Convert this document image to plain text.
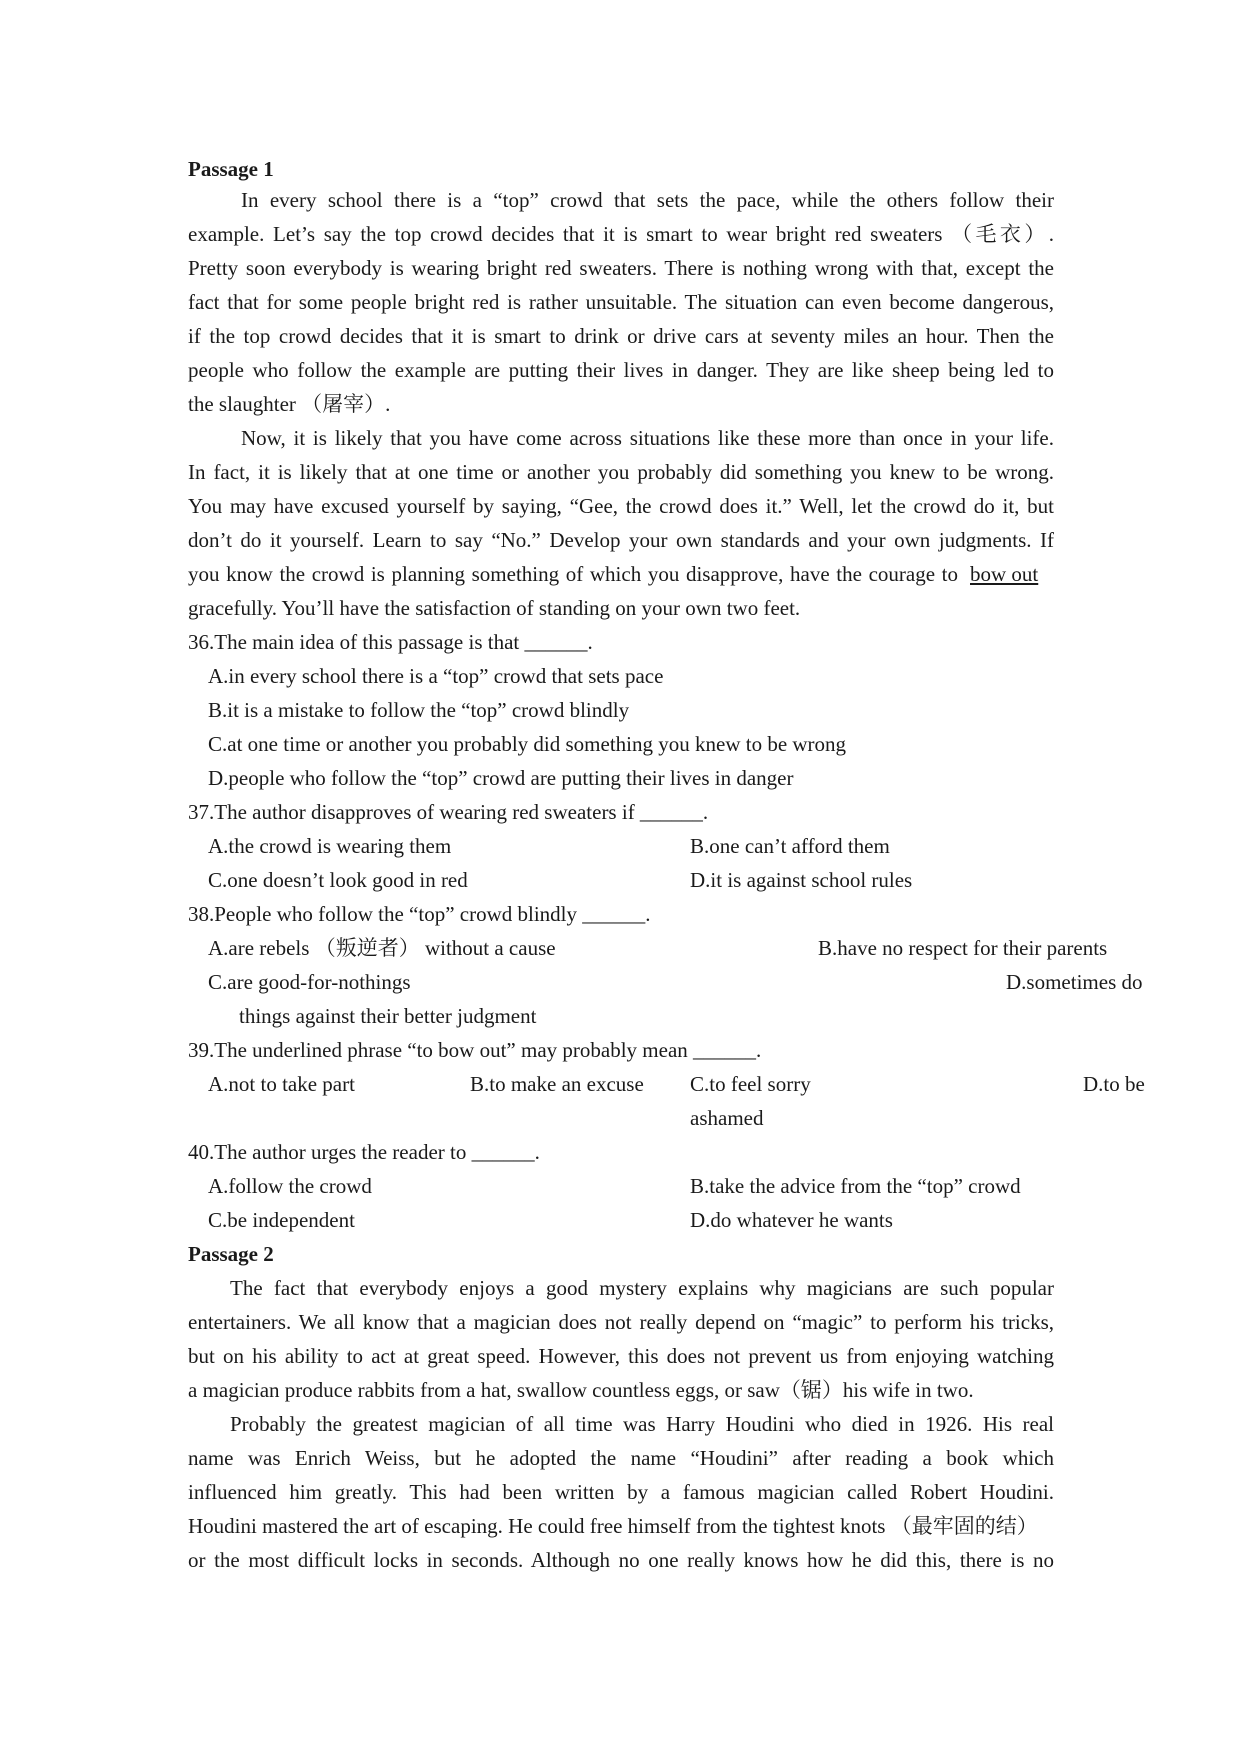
Passage 1
In every school there is a “top” crowd that sets the pace, while the others follow their
example. Let’s say the top crowd decides that it is smart to wear bright red sweaters （毛衣）.
Pretty soon everybody is wearing bright red sweaters. There is nothing wrong with that, except the
fact that for some people bright red is rather unsuitable. The situation can even become dangerous,
if the top crowd decides that it is smart to drink or drive cars at seventy miles an hour. Then the
people who follow the example are putting their lives in danger. They are like sheep being led to
the slaughter （屠宰）.
Now, it is likely that you have come across situations like these more than once in your life.
In fact, it is likely that at one time or another you probably did something you knew to be wrong.
You may have excused yourself by saying, “Gee, the crowd does it.” Well, let the crowd do it, but
don’t do it yourself. Learn to say “No.” Develop your own standards and your own judgments. If
you know the crowd is planning something of which you disapprove, have the courage to bow out
gracefully. You’ll have the satisfaction of standing on your own two feet.
36.The main idea of this passage is that ______.
A.in every school there is a “top” crowd that sets pace
B.it is a mistake to follow the “top” crowd blindly
C.at one time or another you probably did something you knew to be wrong
D.people who follow the “top” crowd are putting their lives in danger
37.The author disapproves of wearing red sweaters if ______.
A.the crowd is wearing them	B.one can’t afford them
C.one doesn’t look good in red	D.it is against school rules
38.People who follow the “top” crowd blindly ______.
A.are rebels （叛逆者） without a cause	B.have no respect for their parents
C.are good-for-nothings	D.sometimes do
things against their better judgment
39.The underlined phrase “to bow out” may probably mean ______.
A.not to take part	B.to make an excuse C.to feel sorry	D.to be
ashamed
40.The author urges the reader to ______.
A.follow the crowd	B.take the advice from the “top” crowd
C.be independent	D.do whatever he wants
Passage 2
The fact that everybody enjoys a good mystery explains why magicians are such popular
entertainers. We all know that a magician does not really depend on “magic” to perform his tricks,
but on his ability to act at great speed. However, this does not prevent us from enjoying watching
a magician produce rabbits from a hat, swallow countless eggs, or saw（锯）his wife in two.
Probably the greatest magician of all time was Harry Houdini who died in 1926. His real
name was Enrich Weiss, but he adopted the name “Houdini” after reading a book which
influenced him greatly. This had been written by a famous magician called Robert Houdini.
Houdini mastered the art of escaping. He could free himself from the tightest knots （最牢固的结）
or the most difficult locks in seconds. Although no one really knows how he did this, there is no
